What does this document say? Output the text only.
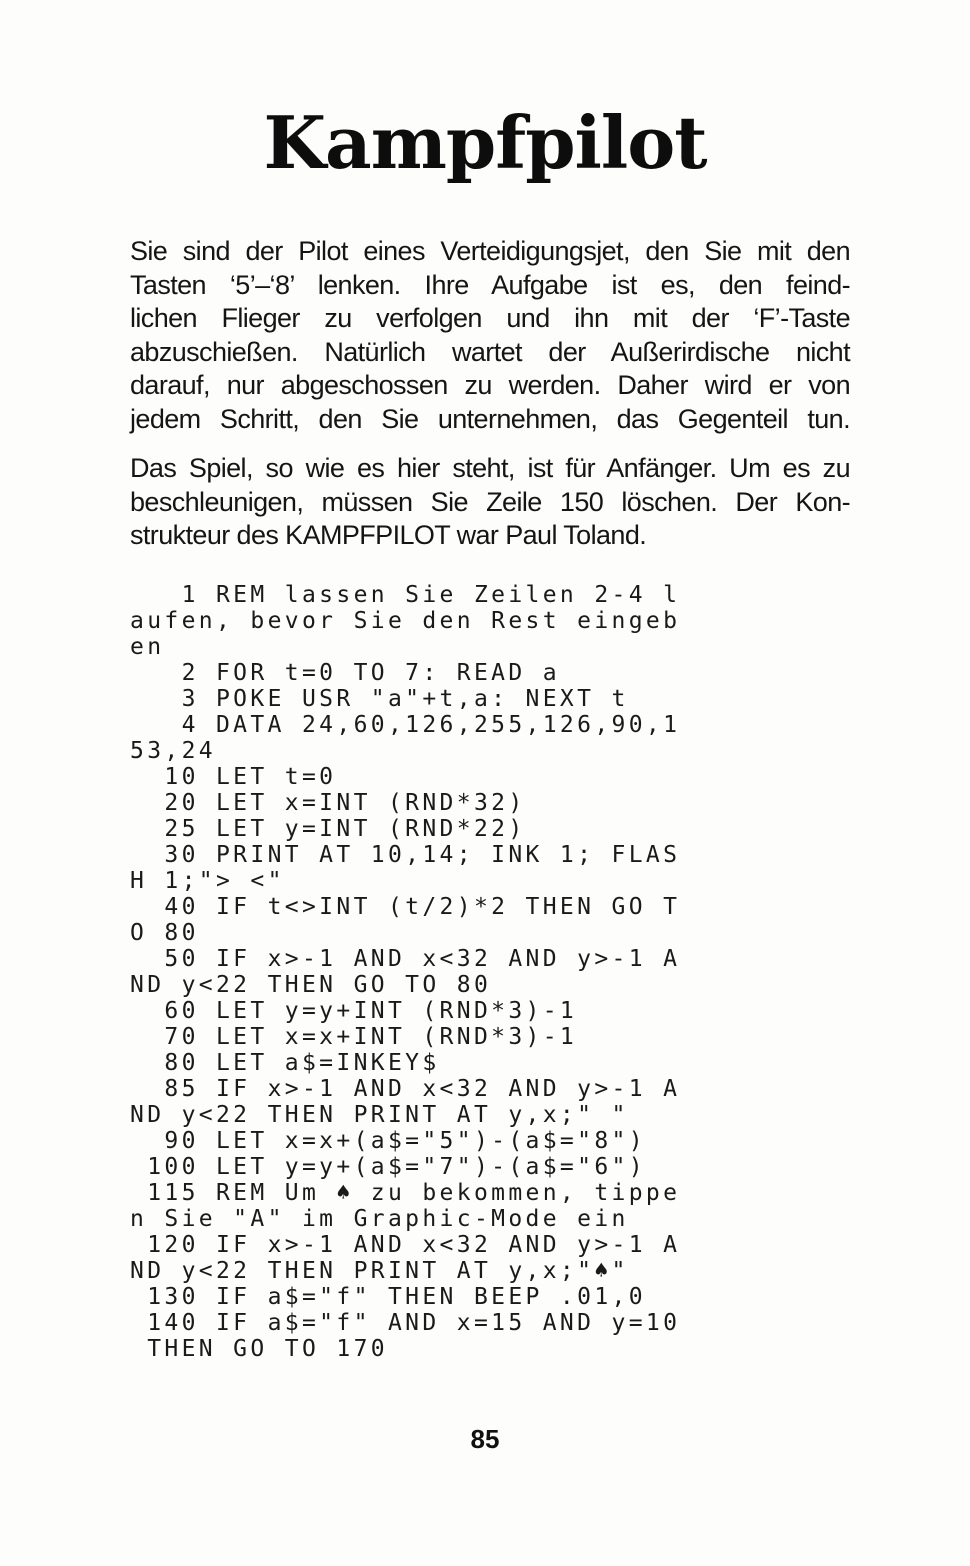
Kampfpilot
Sie sind der Pilot eines Verteidigungsjet, den Sie mit den
Tasten ‘5’–‘8’ lenken. Ihre Aufgabe ist es, den feind-
lichen Flieger zu verfolgen und ihn mit der ‘F’-Taste
abzuschießen. Natürlich wartet der Außerirdische nicht
darauf, nur abgeschossen zu werden. Daher wird er von
jedem Schritt, den Sie unternehmen, das Gegenteil tun.
Das Spiel, so wie es hier steht, ist für Anfänger. Um es zu
beschleunigen, müssen Sie Zeile 150 löschen. Der Kon-
strukteur des KAMPFPILOT war Paul Toland.
1 REM lassen Sie Zeilen 2-4 l
aufen, bevor Sie den Rest eingeb
en
2 FOR t=0 TO 7: READ a
3 POKE USR "a"+t,a: NEXT t
4 DATA 24,60,126,255,126,90,1
53,24
10 LET t=0
20 LET x=INT (RND*32)
25 LET y=INT (RND*22)
30 PRINT AT 10,14; INK 1; FLAS
H 1;"> <"
40 IF t<>INT (t/2)*2 THEN GO T
O 80
50 IF x>-1 AND x<32 AND y>-1 A
ND y<22 THEN GO TO 80
60 LET y=y+INT (RND*3)-1
70 LET x=x+INT (RND*3)-1
80 LET a$=INKEY$
85 IF x>-1 AND x<32 AND y>-1 A
ND y<22 THEN PRINT AT y,x;" "
90 LET x=x+(a$="5")-(a$="8")
100 LET y=y+(a$="7")-(a$="6")
115 REM Um ♠ zu bekommen, tippe
n Sie "A" im Graphic-Mode ein
120 IF x>-1 AND x<32 AND y>-1 A
ND y<22 THEN PRINT AT y,x;"♠"
130 IF a$="f" THEN BEEP .01,0
140 IF a$="f" AND x=15 AND y=10
THEN GO TO 170
85
